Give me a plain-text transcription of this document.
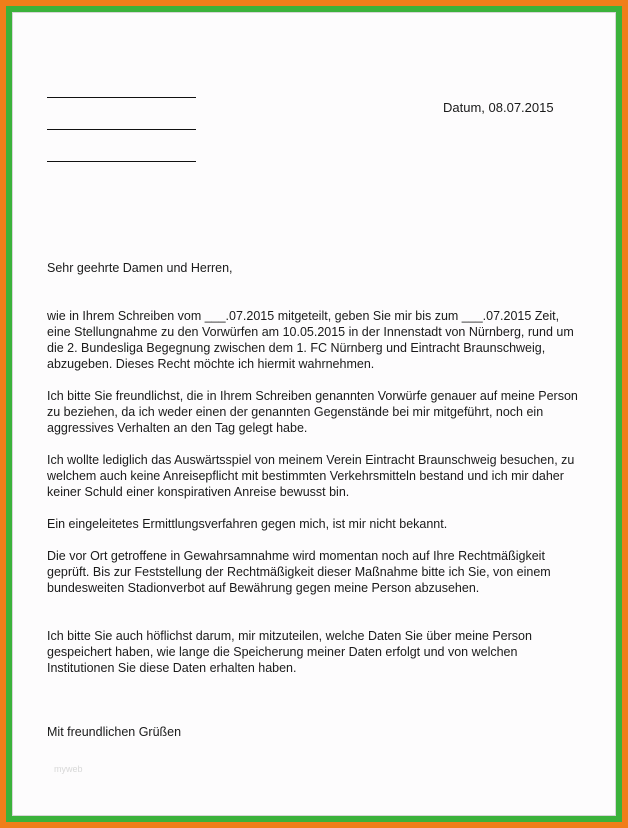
Datum, 08.07.2015

Sehr geehrte Damen und Herren,

wie in Ihrem Schreiben vom ___.07.2015 mitgeteilt, geben Sie mir bis zum ___.07.2015 Zeit, eine Stellungnahme zu den Vorwürfen am 10.05.2015 in der Innenstadt von Nürnberg, rund um die 2. Bundesliga Begegnung zwischen dem 1. FC Nürnberg und Eintracht Braunschweig, abzugeben. Dieses Recht möchte ich hiermit wahrnehmen.

Ich bitte Sie freundlichst, die in Ihrem Schreiben genannten Vorwürfe genauer auf meine Person zu beziehen, da ich weder einen der genannten Gegenstände bei mir mitgeführt, noch ein aggressives Verhalten an den Tag gelegt habe.

Ich wollte lediglich das Auswärtsspiel von meinem Verein Eintracht Braunschweig besuchen, zu welchem auch keine Anreisepflicht mit bestimmten Verkehrsmitteln bestand und ich mir daher keiner Schuld einer konspirativen Anreise bewusst bin.

Ein eingeleitetes Ermittlungsverfahren gegen mich, ist mir nicht bekannt.

Die vor Ort getroffene in Gewahrsamnahme wird momentan noch auf Ihre Rechtmäßigkeit geprüft. Bis zur Feststellung der Rechtmäßigkeit dieser Maßnahme bitte ich Sie, von einem bundesweiten Stadionverbot auf Bewährung gegen meine Person abzusehen.

Ich bitte Sie auch höflichst darum, mir mitzuteilen, welche Daten Sie über meine Person gespeichert haben, wie lange die Speicherung meiner Daten erfolgt und von welchen Institutionen Sie diese Daten erhalten haben.

Mit freundlichen Grüßen

myweb
